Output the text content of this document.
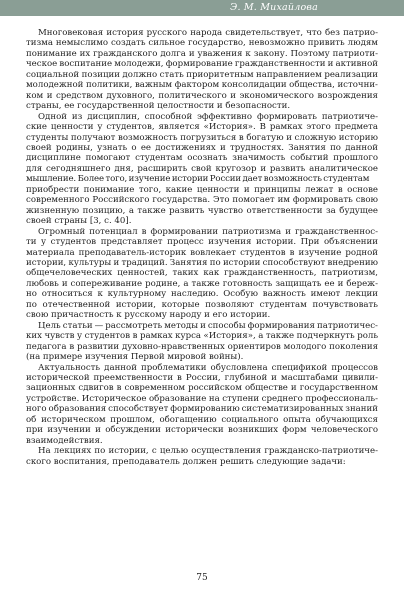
Э. М. Михайлова
Многовековая история русского народа свидетельствует, что без патрио-
тизма немыслимо создать сильное государство, невозможно привить людям
понимание их гражданского долга и уважения к закону. Поэтому патриоти-
ческое воспитание молодежи, формирование гражданственности и активной
социальной позиции должно стать приоритетным направлением реализации
молодежной политики, важным фактором консолидации общества, источни-
ком и средством духовного, политического и экономического возрождения
страны, ее государственной целостности и безопасности.
Одной из дисциплин, способной эффективно формировать патриотиче-
ские ценности у студентов, является «История». В рамках этого предмета
студенты получают возможность погрузиться в богатую и сложную историю
своей родины, узнать о ее достижениях и трудностях. Занятия по данной
дисциплине помогают студентам осознать значимость событий прошлого
для сегодняшнего дня, расширить свой кругозор и развить аналитическое
мышление. Более того, изучение истории России дает возможность студентам
приобрести понимание того, какие ценности и принципы лежат в основе
современного Российского государства. Это помогает им формировать свою
жизненную позицию, а также развить чувство ответственности за будущее
своей страны [3, с. 40].
Огромный потенциал в формировании патриотизма и гражданственнос-
ти у студентов представляет процесс изучения истории. При объяснении
материала преподаватель-историк вовлекает студентов в изучение родной
истории, культуры и традиций. Занятия по истории способствуют внедрению
общечеловеческих ценностей, таких как гражданственность, патриотизм,
любовь и сопереживание родине, а также готовность защищать ее и береж-
но относиться к культурному наследию. Особую важность имеют лекции
по отечественной истории, которые позволяют студентам почувствовать
свою причастность к русскому народу и его истории.
Цель статьи — рассмотреть методы и способы формирования патриотичес-
ких чувств у студентов в рамках курса «История», а также подчеркнуть роль
педагога в развитии духовно-нравственных ориентиров молодого поколения
(на примере изучения Первой мировой войны).
Актуальность данной проблематики обусловлена спецификой процессов
исторической преемственности в России, глубиной и масштабами цивили-
зационных сдвигов в современном российском обществе и государственном
устройстве. Историческое образование на ступени среднего профессиональ-
ного образования способствует формированию систематизированных знаний
об историческом прошлом, обогащению социального опыта обучающихся
при изучении и обсуждении исторически возникших форм человеческого
взаимодействия.
На лекциях по истории, с целью осуществления гражданско-патриотиче-
ского воспитания, преподаватель должен решить следующие задачи:
75
